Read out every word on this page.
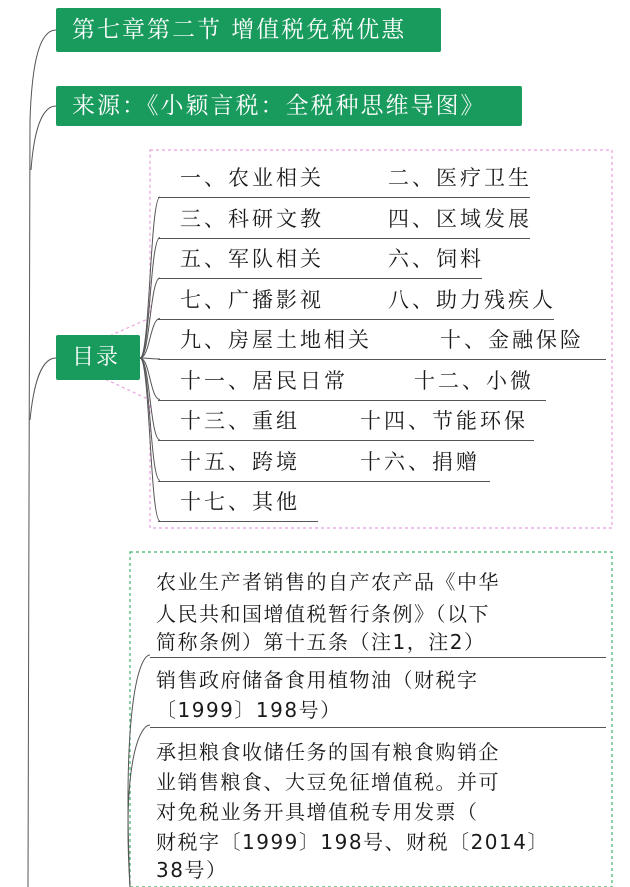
第七章第二节 增值税免税优惠
来源：《小颖言税：全税种思维导图》
目录
一、农业相关	二、医疗卫生
三、科研文教	四、区域发展
五、军队相关	六、饲料
七、广播影视	八、助力残疾人
九、房屋土地相关	十、金融保险
十一、居民日常	十二、小微
十三、重组	十四、节能环保
十五、跨境	十六、捐赠
十七、其他
农业生产者销售的自产农产品《中华
人民共和国增值税暂行条例》（以下
简称条例）第十五条（注1，注2）
销售政府储备食用植物油（财税字
〔1999〕198号）
承担粮食收储任务的国有粮食购销企
业销售粮食、大豆免征增值税。并可
对免税业务开具增值税专用发票（
财税字〔1999〕198号、财税〔2014〕
38号）
